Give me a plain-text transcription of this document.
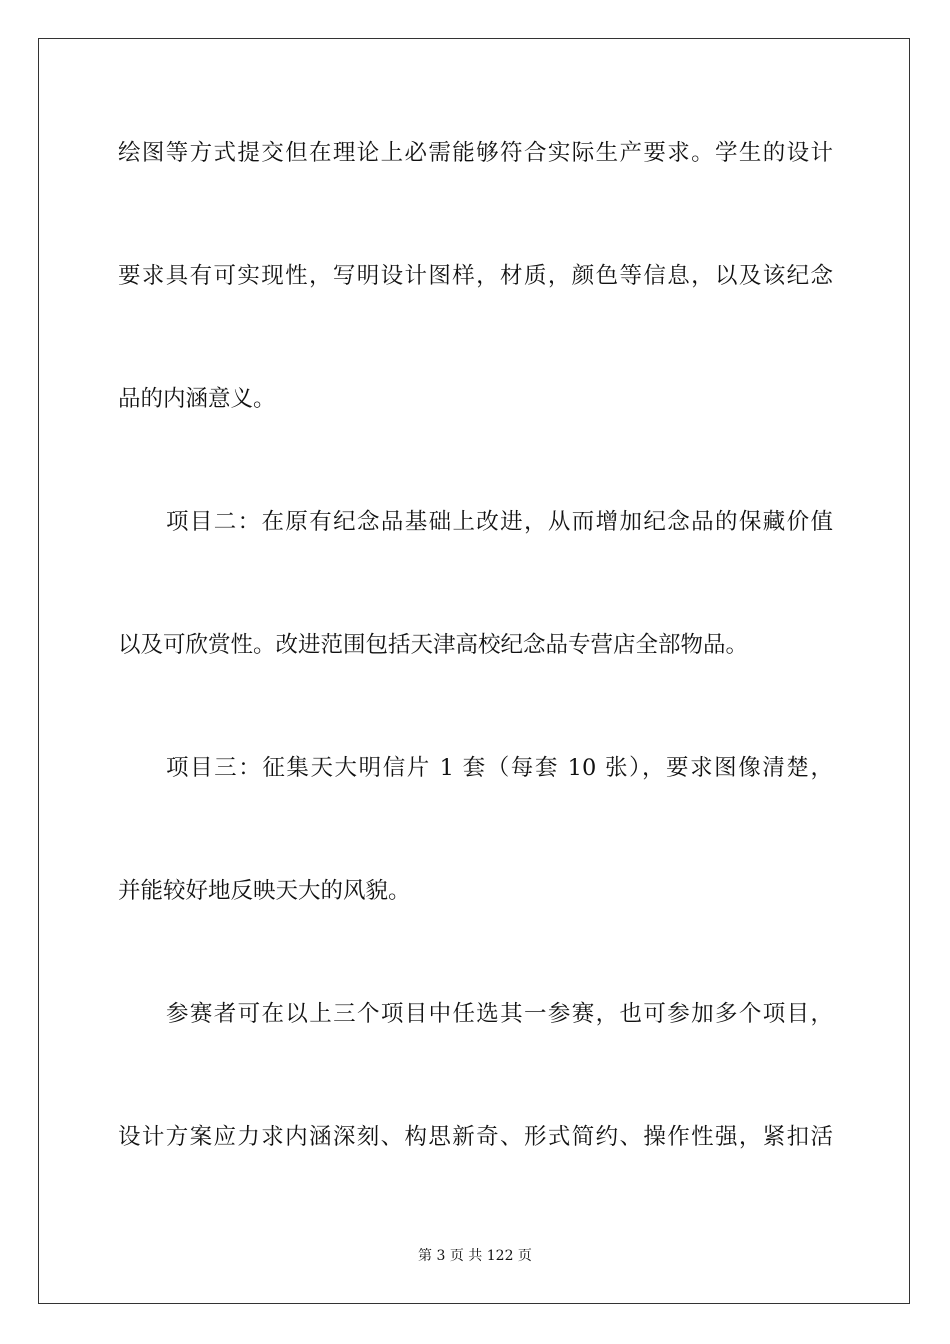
绘图等方式提交但在理论上必需能够符合实际生产要求。学生的设计
要求具有可实现性，写明设计图样，材质，颜色等信息，以及该纪念
品的内涵意义。
项目二：在原有纪念品基础上改进，从而增加纪念品的保藏价值
以及可欣赏性。改进范围包括天津高校纪念品专营店全部物品。
项目三：征集天大明信片 1 套（每套 10 张），要求图像清楚，
并能较好地反映天大的风貌。
参赛者可在以上三个项目中任选其一参赛，也可参加多个项目，
设计方案应力求内涵深刻、构思新奇、形式简约、操作性强，紧扣活
第 3 页 共 122 页
